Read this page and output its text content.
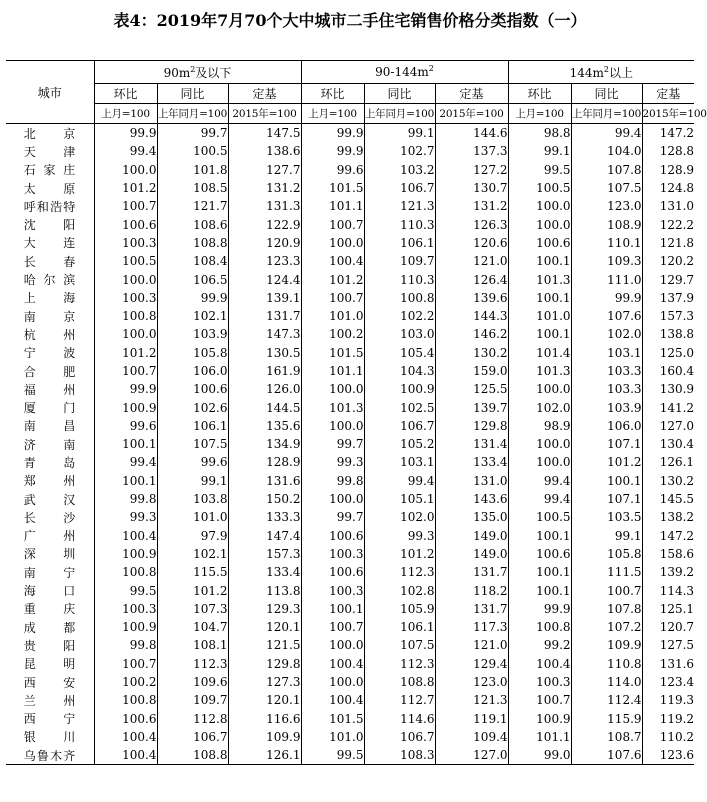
表4：2019年7月70个大中城市二手住宅销售价格分类指数（一）
城市	$90m^2$及以下			$90-144m^2$			$144m^2$以上		
	环比	同比	定基	环比	同比	定基	环比	同比	定基
	上月=100	上年同月=100	2015年=100	上月=100	上年同月=100	2015年=100	上月=100	上年同月=100	2015年=100
北京	99.9	99.7	147.5	99.9	99.1	144.6	98.8	99.4	147.2
天津	99.4	100.5	138.6	99.9	102.7	137.3	99.1	104.0	128.8
石家庄	100.0	101.8	127.7	99.6	103.2	127.2	99.5	107.8	128.9
太原	101.2	108.5	131.2	101.5	106.7	130.7	100.5	107.5	124.8
呼和浩特	100.7	121.7	131.3	101.1	121.3	131.2	100.0	123.0	131.0
沈阳	100.6	108.6	122.9	100.7	110.3	126.3	100.0	108.9	122.2
大连	100.3	108.8	120.9	100.0	106.1	120.6	100.6	110.1	121.8
长春	100.5	108.4	123.3	100.4	109.7	121.0	100.1	109.3	120.2
哈尔滨	100.0	106.5	124.4	101.2	110.3	126.4	101.3	111.0	129.7
上海	100.3	99.9	139.1	100.7	100.8	139.6	100.1	99.9	137.9
南京	100.8	102.1	131.7	101.0	102.2	144.3	101.0	107.6	157.3
杭州	100.0	103.9	147.3	100.2	103.0	146.2	100.1	102.0	138.8
宁波	101.2	105.8	130.5	101.5	105.4	130.2	101.4	103.1	125.0
合肥	100.7	106.0	161.9	101.1	104.3	159.0	101.3	103.3	160.4
福州	99.9	100.6	126.0	100.0	100.9	125.5	100.0	103.3	130.9
厦门	100.9	102.6	144.5	101.3	102.5	139.7	102.0	103.9	141.2
南昌	99.6	106.1	135.6	100.0	106.7	129.8	98.9	106.0	127.0
济南	100.1	107.5	134.9	99.7	105.2	131.4	100.0	107.1	130.4
青岛	99.4	99.6	128.9	99.3	103.1	133.4	100.0	101.2	126.1
郑州	100.1	99.1	131.6	99.8	99.4	131.0	99.4	100.1	130.2
武汉	99.8	103.8	150.2	100.0	105.1	143.6	99.4	107.1	145.5
长沙	99.3	101.0	133.3	99.7	102.0	135.0	100.5	103.5	138.2
广州	100.4	97.9	147.4	100.6	99.3	149.0	100.1	99.1	147.2
深圳	100.9	102.1	157.3	100.3	101.2	149.0	100.6	105.8	158.6
南宁	100.8	115.5	133.4	100.6	112.3	131.7	100.1	111.5	139.2
海口	99.5	101.2	113.8	100.3	102.8	118.2	100.1	100.7	114.3
重庆	100.3	107.3	129.3	100.1	105.9	131.7	99.9	107.8	125.1
成都	100.9	104.7	120.1	100.7	106.1	117.3	100.8	107.2	120.7
贵阳	99.8	108.1	121.5	100.0	107.5	121.0	99.2	109.9	127.5
昆明	100.7	112.3	129.8	100.4	112.3	129.4	100.4	110.8	131.6
西安	100.2	109.6	127.3	100.0	108.8	123.0	100.3	114.0	123.4
兰州	100.8	109.7	120.1	100.4	112.7	121.3	100.7	112.4	119.3
西宁	100.6	112.8	116.6	101.5	114.6	119.1	100.9	115.9	119.2
银川	100.4	106.7	109.9	101.0	106.7	109.4	101.1	108.7	110.2
乌鲁木齐	100.4	108.8	126.1	99.5	108.3	127.0	99.0	107.6	123.6
